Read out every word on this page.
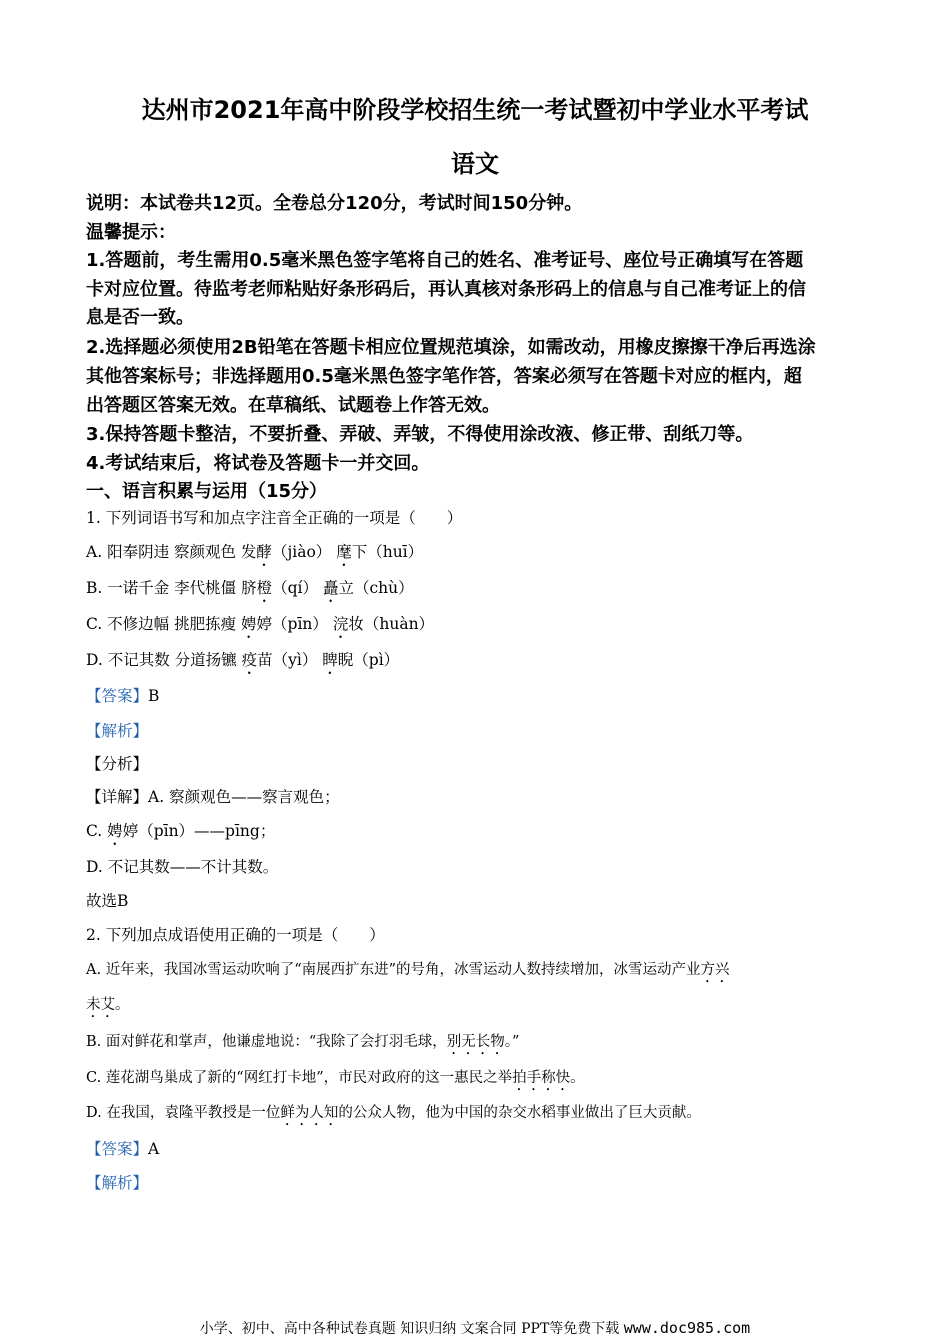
达州市2021年高中阶段学校招生统一考试暨初中学业水平考试
语文
说明：本试卷共12页。全卷总分120分，考试时间150分钟。
温馨提示：
1.答题前，考生需用0.5毫米黑色签字笔将自己的姓名、准考证号、座位号正确填写在答题
卡对应位置。待监考老师粘贴好条形码后，再认真核对条形码上的信息与自己准考证上的信
息是否一致。
2.选择题必须使用2B铅笔在答题卡相应位置规范填涂，如需改动，用橡皮擦擦干净后再选涂
其他答案标号；非选择题用0.5毫米黑色签字笔作答，答案必须写在答题卡对应的框内，超
出答题区答案无效。在草稿纸、试题卷上作答无效。
3.保持答题卡整洁，不要折叠、弄破、弄皱，不得使用涂改液、修正带、刮纸刀等。
4.考试结束后，将试卷及答题卡一并交回。
一、语言积累与运用（15分）
1. 下列词语书写和加点字注音全正确的一项是（　　）
A. 阳奉阴违 察颜观色 发酵（jiào） 麾下（huī）
B. 一诺千金 李代桃僵 脐橙（qí） 矗立（chù）
C. 不修边幅 挑肥拣瘦 娉婷（pīn） 浣妆（huàn）
D. 不记其数 分道扬镳 疫苗（yì） 睥睨（pì）
【答案】B
【解析】
【分析】
【详解】A. 察颜观色——察言观色；
C. 娉婷（pīn）——pīng；
D. 不记其数——不计其数。
故选B
2. 下列加点成语使用正确的一项是（　　）
A. 近年来，我国冰雪运动吹响了“南展西扩东进”的号角，冰雪运动人数持续增加，冰雪运动产业方兴
未艾。
B. 面对鲜花和掌声，他谦虚地说：“我除了会打羽毛球，别无长物。”
C. 莲花湖鸟巢成了新的“网红打卡地”，市民对政府的这一惠民之举拍手称快。
D. 在我国，袁隆平教授是一位鲜为人知的公众人物，他为中国的杂交水稻事业做出了巨大贡献。
【答案】A
【解析】
小学、初中、高中各种试卷真题 知识归纳 文案合同 PPT等免费下载 www.doc985.com
